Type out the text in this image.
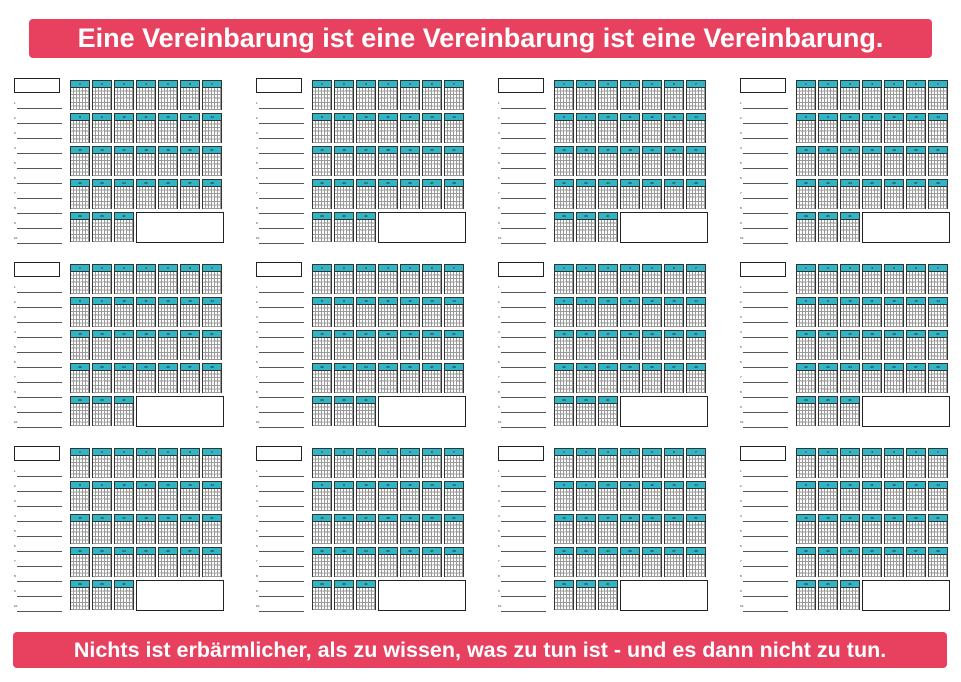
Eine Vereinbarung ist eine Vereinbarung ist eine Vereinbarung.
1
2
3
4
5
6
7
8
9
10
1
1 2 3 4 5 6
4 5 6 7 8 9
7 8 9 1 2 3
2
1 2 3 4 5 6
4 5 6 7 8 9
7 8 9 1 2 3
3
1 2 3 4 5 6
4 5 6 7 8 9
7 8 9 1 2 3
4
1 2 3 4 5 6
4 5 6 7 8 9
7 8 9 1 2 3
5
1 2 3 4 5 6
4 5 6 7 8 9
7 8 9 1 2 3
6
1 2 3 4 5 6
4 5 6 7 8 9
7 8 9 1 2 3
7
1 2 3 4 5 6
4 5 6 7 8 9
7 8 9 1 2 3
8
1 2 3 4 5 6
4 5 6 7 8 9
7 8 9 1 2 3
9
1 2 3 4 5 6
4 5 6 7 8 9
7 8 9 1 2 3
10
1 2 3 4 5 6
4 5 6 7 8 9
7 8 9 1 2 3
11
1 2 3 4 5 6
4 5 6 7 8 9
7 8 9 1 2 3
12
1 2 3 4 5 6
4 5 6 7 8 9
7 8 9 1 2 3
13
1 2 3 4 5 6
4 5 6 7 8 9
7 8 9 1 2 3
14
1 2 3 4 5 6
4 5 6 7 8 9
7 8 9 1 2 3
15
1 2 3 4 5 6
4 5 6 7 8 9
7 8 9 1 2 3
16
1 2 3 4 5 6
4 5 6 7 8 9
7 8 9 1 2 3
17
1 2 3 4 5 6
4 5 6 7 8 9
7 8 9 1 2 3
18
1 2 3 4 5 6
4 5 6 7 8 9
7 8 9 1 2 3
19
1 2 3 4 5 6
4 5 6 7 8 9
7 8 9 1 2 3
20
1 2 3 4 5 6
4 5 6 7 8 9
7 8 9 1 2 3
21
1 2 3 4 5 6
4 5 6 7 8 9
7 8 9 1 2 3
22
1 2 3 4 5 6
4 5 6 7 8 9
7 8 9 1 2 3
23
1 2 3 4 5 6
4 5 6 7 8 9
7 8 9 1 2 3
24
1 2 3 4 5 6
4 5 6 7 8 9
7 8 9 1 2 3
25
1 2 3 4 5 6
4 5 6 7 8 9
7 8 9 1 2 3
26
1 2 3 4 5 6
4 5 6 7 8 9
7 8 9 1 2 3
27
1 2 3 4 5 6
4 5 6 7 8 9
7 8 9 1 2 3
28
1 2 3 4 5 6
4 5 6 7 8 9
7 8 9 1 2 3
29
1 2 3 4 5 6
4 5 6 7 8 9
7 8 9 1 2 3
30
1 2 3 4 5 6
4 5 6 7 8 9
7 8 9 1 2 3
31
1 2 3 4 5 6
4 5 6 7 8 9
7 8 9 1 2 3
1
2
3
4
5
6
7
8
9
10
1
1 2 3 4 5 6
4 5 6 7 8 9
7 8 9 1 2 3
2
1 2 3 4 5 6
4 5 6 7 8 9
7 8 9 1 2 3
3
1 2 3 4 5 6
4 5 6 7 8 9
7 8 9 1 2 3
4
1 2 3 4 5 6
4 5 6 7 8 9
7 8 9 1 2 3
5
1 2 3 4 5 6
4 5 6 7 8 9
7 8 9 1 2 3
6
1 2 3 4 5 6
4 5 6 7 8 9
7 8 9 1 2 3
7
1 2 3 4 5 6
4 5 6 7 8 9
7 8 9 1 2 3
8
1 2 3 4 5 6
4 5 6 7 8 9
7 8 9 1 2 3
9
1 2 3 4 5 6
4 5 6 7 8 9
7 8 9 1 2 3
10
1 2 3 4 5 6
4 5 6 7 8 9
7 8 9 1 2 3
11
1 2 3 4 5 6
4 5 6 7 8 9
7 8 9 1 2 3
12
1 2 3 4 5 6
4 5 6 7 8 9
7 8 9 1 2 3
13
1 2 3 4 5 6
4 5 6 7 8 9
7 8 9 1 2 3
14
1 2 3 4 5 6
4 5 6 7 8 9
7 8 9 1 2 3
15
1 2 3 4 5 6
4 5 6 7 8 9
7 8 9 1 2 3
16
1 2 3 4 5 6
4 5 6 7 8 9
7 8 9 1 2 3
17
1 2 3 4 5 6
4 5 6 7 8 9
7 8 9 1 2 3
18
1 2 3 4 5 6
4 5 6 7 8 9
7 8 9 1 2 3
19
1 2 3 4 5 6
4 5 6 7 8 9
7 8 9 1 2 3
20
1 2 3 4 5 6
4 5 6 7 8 9
7 8 9 1 2 3
21
1 2 3 4 5 6
4 5 6 7 8 9
7 8 9 1 2 3
22
1 2 3 4 5 6
4 5 6 7 8 9
7 8 9 1 2 3
23
1 2 3 4 5 6
4 5 6 7 8 9
7 8 9 1 2 3
24
1 2 3 4 5 6
4 5 6 7 8 9
7 8 9 1 2 3
25
1 2 3 4 5 6
4 5 6 7 8 9
7 8 9 1 2 3
26
1 2 3 4 5 6
4 5 6 7 8 9
7 8 9 1 2 3
27
1 2 3 4 5 6
4 5 6 7 8 9
7 8 9 1 2 3
28
1 2 3 4 5 6
4 5 6 7 8 9
7 8 9 1 2 3
29
1 2 3 4 5 6
4 5 6 7 8 9
7 8 9 1 2 3
30
1 2 3 4 5 6
4 5 6 7 8 9
7 8 9 1 2 3
31
1 2 3 4 5 6
4 5 6 7 8 9
7 8 9 1 2 3
1
2
3
4
5
6
7
8
9
10
1
1 2 3 4 5 6
4 5 6 7 8 9
7 8 9 1 2 3
2
1 2 3 4 5 6
4 5 6 7 8 9
7 8 9 1 2 3
3
1 2 3 4 5 6
4 5 6 7 8 9
7 8 9 1 2 3
4
1 2 3 4 5 6
4 5 6 7 8 9
7 8 9 1 2 3
5
1 2 3 4 5 6
4 5 6 7 8 9
7 8 9 1 2 3
6
1 2 3 4 5 6
4 5 6 7 8 9
7 8 9 1 2 3
7
1 2 3 4 5 6
4 5 6 7 8 9
7 8 9 1 2 3
8
1 2 3 4 5 6
4 5 6 7 8 9
7 8 9 1 2 3
9
1 2 3 4 5 6
4 5 6 7 8 9
7 8 9 1 2 3
10
1 2 3 4 5 6
4 5 6 7 8 9
7 8 9 1 2 3
11
1 2 3 4 5 6
4 5 6 7 8 9
7 8 9 1 2 3
12
1 2 3 4 5 6
4 5 6 7 8 9
7 8 9 1 2 3
13
1 2 3 4 5 6
4 5 6 7 8 9
7 8 9 1 2 3
14
1 2 3 4 5 6
4 5 6 7 8 9
7 8 9 1 2 3
15
1 2 3 4 5 6
4 5 6 7 8 9
7 8 9 1 2 3
16
1 2 3 4 5 6
4 5 6 7 8 9
7 8 9 1 2 3
17
1 2 3 4 5 6
4 5 6 7 8 9
7 8 9 1 2 3
18
1 2 3 4 5 6
4 5 6 7 8 9
7 8 9 1 2 3
19
1 2 3 4 5 6
4 5 6 7 8 9
7 8 9 1 2 3
20
1 2 3 4 5 6
4 5 6 7 8 9
7 8 9 1 2 3
21
1 2 3 4 5 6
4 5 6 7 8 9
7 8 9 1 2 3
22
1 2 3 4 5 6
4 5 6 7 8 9
7 8 9 1 2 3
23
1 2 3 4 5 6
4 5 6 7 8 9
7 8 9 1 2 3
24
1 2 3 4 5 6
4 5 6 7 8 9
7 8 9 1 2 3
25
1 2 3 4 5 6
4 5 6 7 8 9
7 8 9 1 2 3
26
1 2 3 4 5 6
4 5 6 7 8 9
7 8 9 1 2 3
27
1 2 3 4 5 6
4 5 6 7 8 9
7 8 9 1 2 3
28
1 2 3 4 5 6
4 5 6 7 8 9
7 8 9 1 2 3
29
1 2 3 4 5 6
4 5 6 7 8 9
7 8 9 1 2 3
30
1 2 3 4 5 6
4 5 6 7 8 9
7 8 9 1 2 3
31
1 2 3 4 5 6
4 5 6 7 8 9
7 8 9 1 2 3
1
2
3
4
5
6
7
8
9
10
1
1 2 3 4 5 6
4 5 6 7 8 9
7 8 9 1 2 3
2
1 2 3 4 5 6
4 5 6 7 8 9
7 8 9 1 2 3
3
1 2 3 4 5 6
4 5 6 7 8 9
7 8 9 1 2 3
4
1 2 3 4 5 6
4 5 6 7 8 9
7 8 9 1 2 3
5
1 2 3 4 5 6
4 5 6 7 8 9
7 8 9 1 2 3
6
1 2 3 4 5 6
4 5 6 7 8 9
7 8 9 1 2 3
7
1 2 3 4 5 6
4 5 6 7 8 9
7 8 9 1 2 3
8
1 2 3 4 5 6
4 5 6 7 8 9
7 8 9 1 2 3
9
1 2 3 4 5 6
4 5 6 7 8 9
7 8 9 1 2 3
10
1 2 3 4 5 6
4 5 6 7 8 9
7 8 9 1 2 3
11
1 2 3 4 5 6
4 5 6 7 8 9
7 8 9 1 2 3
12
1 2 3 4 5 6
4 5 6 7 8 9
7 8 9 1 2 3
13
1 2 3 4 5 6
4 5 6 7 8 9
7 8 9 1 2 3
14
1 2 3 4 5 6
4 5 6 7 8 9
7 8 9 1 2 3
15
1 2 3 4 5 6
4 5 6 7 8 9
7 8 9 1 2 3
16
1 2 3 4 5 6
4 5 6 7 8 9
7 8 9 1 2 3
17
1 2 3 4 5 6
4 5 6 7 8 9
7 8 9 1 2 3
18
1 2 3 4 5 6
4 5 6 7 8 9
7 8 9 1 2 3
19
1 2 3 4 5 6
4 5 6 7 8 9
7 8 9 1 2 3
20
1 2 3 4 5 6
4 5 6 7 8 9
7 8 9 1 2 3
21
1 2 3 4 5 6
4 5 6 7 8 9
7 8 9 1 2 3
22
1 2 3 4 5 6
4 5 6 7 8 9
7 8 9 1 2 3
23
1 2 3 4 5 6
4 5 6 7 8 9
7 8 9 1 2 3
24
1 2 3 4 5 6
4 5 6 7 8 9
7 8 9 1 2 3
25
1 2 3 4 5 6
4 5 6 7 8 9
7 8 9 1 2 3
26
1 2 3 4 5 6
4 5 6 7 8 9
7 8 9 1 2 3
27
1 2 3 4 5 6
4 5 6 7 8 9
7 8 9 1 2 3
28
1 2 3 4 5 6
4 5 6 7 8 9
7 8 9 1 2 3
29
1 2 3 4 5 6
4 5 6 7 8 9
7 8 9 1 2 3
30
1 2 3 4 5 6
4 5 6 7 8 9
7 8 9 1 2 3
31
1 2 3 4 5 6
4 5 6 7 8 9
7 8 9 1 2 3
1
2
3
4
5
6
7
8
9
10
1
1 2 3 4 5 6
4 5 6 7 8 9
7 8 9 1 2 3
2
1 2 3 4 5 6
4 5 6 7 8 9
7 8 9 1 2 3
3
1 2 3 4 5 6
4 5 6 7 8 9
7 8 9 1 2 3
4
1 2 3 4 5 6
4 5 6 7 8 9
7 8 9 1 2 3
5
1 2 3 4 5 6
4 5 6 7 8 9
7 8 9 1 2 3
6
1 2 3 4 5 6
4 5 6 7 8 9
7 8 9 1 2 3
7
1 2 3 4 5 6
4 5 6 7 8 9
7 8 9 1 2 3
8
1 2 3 4 5 6
4 5 6 7 8 9
7 8 9 1 2 3
9
1 2 3 4 5 6
4 5 6 7 8 9
7 8 9 1 2 3
10
1 2 3 4 5 6
4 5 6 7 8 9
7 8 9 1 2 3
11
1 2 3 4 5 6
4 5 6 7 8 9
7 8 9 1 2 3
12
1 2 3 4 5 6
4 5 6 7 8 9
7 8 9 1 2 3
13
1 2 3 4 5 6
4 5 6 7 8 9
7 8 9 1 2 3
14
1 2 3 4 5 6
4 5 6 7 8 9
7 8 9 1 2 3
15
1 2 3 4 5 6
4 5 6 7 8 9
7 8 9 1 2 3
16
1 2 3 4 5 6
4 5 6 7 8 9
7 8 9 1 2 3
17
1 2 3 4 5 6
4 5 6 7 8 9
7 8 9 1 2 3
18
1 2 3 4 5 6
4 5 6 7 8 9
7 8 9 1 2 3
19
1 2 3 4 5 6
4 5 6 7 8 9
7 8 9 1 2 3
20
1 2 3 4 5 6
4 5 6 7 8 9
7 8 9 1 2 3
21
1 2 3 4 5 6
4 5 6 7 8 9
7 8 9 1 2 3
22
1 2 3 4 5 6
4 5 6 7 8 9
7 8 9 1 2 3
23
1 2 3 4 5 6
4 5 6 7 8 9
7 8 9 1 2 3
24
1 2 3 4 5 6
4 5 6 7 8 9
7 8 9 1 2 3
25
1 2 3 4 5 6
4 5 6 7 8 9
7 8 9 1 2 3
26
1 2 3 4 5 6
4 5 6 7 8 9
7 8 9 1 2 3
27
1 2 3 4 5 6
4 5 6 7 8 9
7 8 9 1 2 3
28
1 2 3 4 5 6
4 5 6 7 8 9
7 8 9 1 2 3
29
1 2 3 4 5 6
4 5 6 7 8 9
7 8 9 1 2 3
30
1 2 3 4 5 6
4 5 6 7 8 9
7 8 9 1 2 3
31
1 2 3 4 5 6
4 5 6 7 8 9
7 8 9 1 2 3
1
2
3
4
5
6
7
8
9
10
1
1 2 3 4 5 6
4 5 6 7 8 9
7 8 9 1 2 3
2
1 2 3 4 5 6
4 5 6 7 8 9
7 8 9 1 2 3
3
1 2 3 4 5 6
4 5 6 7 8 9
7 8 9 1 2 3
4
1 2 3 4 5 6
4 5 6 7 8 9
7 8 9 1 2 3
5
1 2 3 4 5 6
4 5 6 7 8 9
7 8 9 1 2 3
6
1 2 3 4 5 6
4 5 6 7 8 9
7 8 9 1 2 3
7
1 2 3 4 5 6
4 5 6 7 8 9
7 8 9 1 2 3
8
1 2 3 4 5 6
4 5 6 7 8 9
7 8 9 1 2 3
9
1 2 3 4 5 6
4 5 6 7 8 9
7 8 9 1 2 3
10
1 2 3 4 5 6
4 5 6 7 8 9
7 8 9 1 2 3
11
1 2 3 4 5 6
4 5 6 7 8 9
7 8 9 1 2 3
12
1 2 3 4 5 6
4 5 6 7 8 9
7 8 9 1 2 3
13
1 2 3 4 5 6
4 5 6 7 8 9
7 8 9 1 2 3
14
1 2 3 4 5 6
4 5 6 7 8 9
7 8 9 1 2 3
15
1 2 3 4 5 6
4 5 6 7 8 9
7 8 9 1 2 3
16
1 2 3 4 5 6
4 5 6 7 8 9
7 8 9 1 2 3
17
1 2 3 4 5 6
4 5 6 7 8 9
7 8 9 1 2 3
18
1 2 3 4 5 6
4 5 6 7 8 9
7 8 9 1 2 3
19
1 2 3 4 5 6
4 5 6 7 8 9
7 8 9 1 2 3
20
1 2 3 4 5 6
4 5 6 7 8 9
7 8 9 1 2 3
21
1 2 3 4 5 6
4 5 6 7 8 9
7 8 9 1 2 3
22
1 2 3 4 5 6
4 5 6 7 8 9
7 8 9 1 2 3
23
1 2 3 4 5 6
4 5 6 7 8 9
7 8 9 1 2 3
24
1 2 3 4 5 6
4 5 6 7 8 9
7 8 9 1 2 3
25
1 2 3 4 5 6
4 5 6 7 8 9
7 8 9 1 2 3
26
1 2 3 4 5 6
4 5 6 7 8 9
7 8 9 1 2 3
27
1 2 3 4 5 6
4 5 6 7 8 9
7 8 9 1 2 3
28
1 2 3 4 5 6
4 5 6 7 8 9
7 8 9 1 2 3
29
1 2 3 4 5 6
4 5 6 7 8 9
7 8 9 1 2 3
30
1 2 3 4 5 6
4 5 6 7 8 9
7 8 9 1 2 3
31
1 2 3 4 5 6
4 5 6 7 8 9
7 8 9 1 2 3
1
2
3
4
5
6
7
8
9
10
1
1 2 3 4 5 6
4 5 6 7 8 9
7 8 9 1 2 3
2
1 2 3 4 5 6
4 5 6 7 8 9
7 8 9 1 2 3
3
1 2 3 4 5 6
4 5 6 7 8 9
7 8 9 1 2 3
4
1 2 3 4 5 6
4 5 6 7 8 9
7 8 9 1 2 3
5
1 2 3 4 5 6
4 5 6 7 8 9
7 8 9 1 2 3
6
1 2 3 4 5 6
4 5 6 7 8 9
7 8 9 1 2 3
7
1 2 3 4 5 6
4 5 6 7 8 9
7 8 9 1 2 3
8
1 2 3 4 5 6
4 5 6 7 8 9
7 8 9 1 2 3
9
1 2 3 4 5 6
4 5 6 7 8 9
7 8 9 1 2 3
10
1 2 3 4 5 6
4 5 6 7 8 9
7 8 9 1 2 3
11
1 2 3 4 5 6
4 5 6 7 8 9
7 8 9 1 2 3
12
1 2 3 4 5 6
4 5 6 7 8 9
7 8 9 1 2 3
13
1 2 3 4 5 6
4 5 6 7 8 9
7 8 9 1 2 3
14
1 2 3 4 5 6
4 5 6 7 8 9
7 8 9 1 2 3
15
1 2 3 4 5 6
4 5 6 7 8 9
7 8 9 1 2 3
16
1 2 3 4 5 6
4 5 6 7 8 9
7 8 9 1 2 3
17
1 2 3 4 5 6
4 5 6 7 8 9
7 8 9 1 2 3
18
1 2 3 4 5 6
4 5 6 7 8 9
7 8 9 1 2 3
19
1 2 3 4 5 6
4 5 6 7 8 9
7 8 9 1 2 3
20
1 2 3 4 5 6
4 5 6 7 8 9
7 8 9 1 2 3
21
1 2 3 4 5 6
4 5 6 7 8 9
7 8 9 1 2 3
22
1 2 3 4 5 6
4 5 6 7 8 9
7 8 9 1 2 3
23
1 2 3 4 5 6
4 5 6 7 8 9
7 8 9 1 2 3
24
1 2 3 4 5 6
4 5 6 7 8 9
7 8 9 1 2 3
25
1 2 3 4 5 6
4 5 6 7 8 9
7 8 9 1 2 3
26
1 2 3 4 5 6
4 5 6 7 8 9
7 8 9 1 2 3
27
1 2 3 4 5 6
4 5 6 7 8 9
7 8 9 1 2 3
28
1 2 3 4 5 6
4 5 6 7 8 9
7 8 9 1 2 3
29
1 2 3 4 5 6
4 5 6 7 8 9
7 8 9 1 2 3
30
1 2 3 4 5 6
4 5 6 7 8 9
7 8 9 1 2 3
31
1 2 3 4 5 6
4 5 6 7 8 9
7 8 9 1 2 3
1
2
3
4
5
6
7
8
9
10
1
1 2 3 4 5 6
4 5 6 7 8 9
7 8 9 1 2 3
2
1 2 3 4 5 6
4 5 6 7 8 9
7 8 9 1 2 3
3
1 2 3 4 5 6
4 5 6 7 8 9
7 8 9 1 2 3
4
1 2 3 4 5 6
4 5 6 7 8 9
7 8 9 1 2 3
5
1 2 3 4 5 6
4 5 6 7 8 9
7 8 9 1 2 3
6
1 2 3 4 5 6
4 5 6 7 8 9
7 8 9 1 2 3
7
1 2 3 4 5 6
4 5 6 7 8 9
7 8 9 1 2 3
8
1 2 3 4 5 6
4 5 6 7 8 9
7 8 9 1 2 3
9
1 2 3 4 5 6
4 5 6 7 8 9
7 8 9 1 2 3
10
1 2 3 4 5 6
4 5 6 7 8 9
7 8 9 1 2 3
11
1 2 3 4 5 6
4 5 6 7 8 9
7 8 9 1 2 3
12
1 2 3 4 5 6
4 5 6 7 8 9
7 8 9 1 2 3
13
1 2 3 4 5 6
4 5 6 7 8 9
7 8 9 1 2 3
14
1 2 3 4 5 6
4 5 6 7 8 9
7 8 9 1 2 3
15
1 2 3 4 5 6
4 5 6 7 8 9
7 8 9 1 2 3
16
1 2 3 4 5 6
4 5 6 7 8 9
7 8 9 1 2 3
17
1 2 3 4 5 6
4 5 6 7 8 9
7 8 9 1 2 3
18
1 2 3 4 5 6
4 5 6 7 8 9
7 8 9 1 2 3
19
1 2 3 4 5 6
4 5 6 7 8 9
7 8 9 1 2 3
20
1 2 3 4 5 6
4 5 6 7 8 9
7 8 9 1 2 3
21
1 2 3 4 5 6
4 5 6 7 8 9
7 8 9 1 2 3
22
1 2 3 4 5 6
4 5 6 7 8 9
7 8 9 1 2 3
23
1 2 3 4 5 6
4 5 6 7 8 9
7 8 9 1 2 3
24
1 2 3 4 5 6
4 5 6 7 8 9
7 8 9 1 2 3
25
1 2 3 4 5 6
4 5 6 7 8 9
7 8 9 1 2 3
26
1 2 3 4 5 6
4 5 6 7 8 9
7 8 9 1 2 3
27
1 2 3 4 5 6
4 5 6 7 8 9
7 8 9 1 2 3
28
1 2 3 4 5 6
4 5 6 7 8 9
7 8 9 1 2 3
29
1 2 3 4 5 6
4 5 6 7 8 9
7 8 9 1 2 3
30
1 2 3 4 5 6
4 5 6 7 8 9
7 8 9 1 2 3
31
1 2 3 4 5 6
4 5 6 7 8 9
7 8 9 1 2 3
1
2
3
4
5
6
7
8
9
10
1
1 2 3 4 5 6
4 5 6 7 8 9
7 8 9 1 2 3
2
1 2 3 4 5 6
4 5 6 7 8 9
7 8 9 1 2 3
3
1 2 3 4 5 6
4 5 6 7 8 9
7 8 9 1 2 3
4
1 2 3 4 5 6
4 5 6 7 8 9
7 8 9 1 2 3
5
1 2 3 4 5 6
4 5 6 7 8 9
7 8 9 1 2 3
6
1 2 3 4 5 6
4 5 6 7 8 9
7 8 9 1 2 3
7
1 2 3 4 5 6
4 5 6 7 8 9
7 8 9 1 2 3
8
1 2 3 4 5 6
4 5 6 7 8 9
7 8 9 1 2 3
9
1 2 3 4 5 6
4 5 6 7 8 9
7 8 9 1 2 3
10
1 2 3 4 5 6
4 5 6 7 8 9
7 8 9 1 2 3
11
1 2 3 4 5 6
4 5 6 7 8 9
7 8 9 1 2 3
12
1 2 3 4 5 6
4 5 6 7 8 9
7 8 9 1 2 3
13
1 2 3 4 5 6
4 5 6 7 8 9
7 8 9 1 2 3
14
1 2 3 4 5 6
4 5 6 7 8 9
7 8 9 1 2 3
15
1 2 3 4 5 6
4 5 6 7 8 9
7 8 9 1 2 3
16
1 2 3 4 5 6
4 5 6 7 8 9
7 8 9 1 2 3
17
1 2 3 4 5 6
4 5 6 7 8 9
7 8 9 1 2 3
18
1 2 3 4 5 6
4 5 6 7 8 9
7 8 9 1 2 3
19
1 2 3 4 5 6
4 5 6 7 8 9
7 8 9 1 2 3
20
1 2 3 4 5 6
4 5 6 7 8 9
7 8 9 1 2 3
21
1 2 3 4 5 6
4 5 6 7 8 9
7 8 9 1 2 3
22
1 2 3 4 5 6
4 5 6 7 8 9
7 8 9 1 2 3
23
1 2 3 4 5 6
4 5 6 7 8 9
7 8 9 1 2 3
24
1 2 3 4 5 6
4 5 6 7 8 9
7 8 9 1 2 3
25
1 2 3 4 5 6
4 5 6 7 8 9
7 8 9 1 2 3
26
1 2 3 4 5 6
4 5 6 7 8 9
7 8 9 1 2 3
27
1 2 3 4 5 6
4 5 6 7 8 9
7 8 9 1 2 3
28
1 2 3 4 5 6
4 5 6 7 8 9
7 8 9 1 2 3
29
1 2 3 4 5 6
4 5 6 7 8 9
7 8 9 1 2 3
30
1 2 3 4 5 6
4 5 6 7 8 9
7 8 9 1 2 3
31
1 2 3 4 5 6
4 5 6 7 8 9
7 8 9 1 2 3
1
2
3
4
5
6
7
8
9
10
1
1 2 3 4 5 6
4 5 6 7 8 9
7 8 9 1 2 3
2
1 2 3 4 5 6
4 5 6 7 8 9
7 8 9 1 2 3
3
1 2 3 4 5 6
4 5 6 7 8 9
7 8 9 1 2 3
4
1 2 3 4 5 6
4 5 6 7 8 9
7 8 9 1 2 3
5
1 2 3 4 5 6
4 5 6 7 8 9
7 8 9 1 2 3
6
1 2 3 4 5 6
4 5 6 7 8 9
7 8 9 1 2 3
7
1 2 3 4 5 6
4 5 6 7 8 9
7 8 9 1 2 3
8
1 2 3 4 5 6
4 5 6 7 8 9
7 8 9 1 2 3
9
1 2 3 4 5 6
4 5 6 7 8 9
7 8 9 1 2 3
10
1 2 3 4 5 6
4 5 6 7 8 9
7 8 9 1 2 3
11
1 2 3 4 5 6
4 5 6 7 8 9
7 8 9 1 2 3
12
1 2 3 4 5 6
4 5 6 7 8 9
7 8 9 1 2 3
13
1 2 3 4 5 6
4 5 6 7 8 9
7 8 9 1 2 3
14
1 2 3 4 5 6
4 5 6 7 8 9
7 8 9 1 2 3
15
1 2 3 4 5 6
4 5 6 7 8 9
7 8 9 1 2 3
16
1 2 3 4 5 6
4 5 6 7 8 9
7 8 9 1 2 3
17
1 2 3 4 5 6
4 5 6 7 8 9
7 8 9 1 2 3
18
1 2 3 4 5 6
4 5 6 7 8 9
7 8 9 1 2 3
19
1 2 3 4 5 6
4 5 6 7 8 9
7 8 9 1 2 3
20
1 2 3 4 5 6
4 5 6 7 8 9
7 8 9 1 2 3
21
1 2 3 4 5 6
4 5 6 7 8 9
7 8 9 1 2 3
22
1 2 3 4 5 6
4 5 6 7 8 9
7 8 9 1 2 3
23
1 2 3 4 5 6
4 5 6 7 8 9
7 8 9 1 2 3
24
1 2 3 4 5 6
4 5 6 7 8 9
7 8 9 1 2 3
25
1 2 3 4 5 6
4 5 6 7 8 9
7 8 9 1 2 3
26
1 2 3 4 5 6
4 5 6 7 8 9
7 8 9 1 2 3
27
1 2 3 4 5 6
4 5 6 7 8 9
7 8 9 1 2 3
28
1 2 3 4 5 6
4 5 6 7 8 9
7 8 9 1 2 3
29
1 2 3 4 5 6
4 5 6 7 8 9
7 8 9 1 2 3
30
1 2 3 4 5 6
4 5 6 7 8 9
7 8 9 1 2 3
31
1 2 3 4 5 6
4 5 6 7 8 9
7 8 9 1 2 3
1
2
3
4
5
6
7
8
9
10
1
1 2 3 4 5 6
4 5 6 7 8 9
7 8 9 1 2 3
2
1 2 3 4 5 6
4 5 6 7 8 9
7 8 9 1 2 3
3
1 2 3 4 5 6
4 5 6 7 8 9
7 8 9 1 2 3
4
1 2 3 4 5 6
4 5 6 7 8 9
7 8 9 1 2 3
5
1 2 3 4 5 6
4 5 6 7 8 9
7 8 9 1 2 3
6
1 2 3 4 5 6
4 5 6 7 8 9
7 8 9 1 2 3
7
1 2 3 4 5 6
4 5 6 7 8 9
7 8 9 1 2 3
8
1 2 3 4 5 6
4 5 6 7 8 9
7 8 9 1 2 3
9
1 2 3 4 5 6
4 5 6 7 8 9
7 8 9 1 2 3
10
1 2 3 4 5 6
4 5 6 7 8 9
7 8 9 1 2 3
11
1 2 3 4 5 6
4 5 6 7 8 9
7 8 9 1 2 3
12
1 2 3 4 5 6
4 5 6 7 8 9
7 8 9 1 2 3
13
1 2 3 4 5 6
4 5 6 7 8 9
7 8 9 1 2 3
14
1 2 3 4 5 6
4 5 6 7 8 9
7 8 9 1 2 3
15
1 2 3 4 5 6
4 5 6 7 8 9
7 8 9 1 2 3
16
1 2 3 4 5 6
4 5 6 7 8 9
7 8 9 1 2 3
17
1 2 3 4 5 6
4 5 6 7 8 9
7 8 9 1 2 3
18
1 2 3 4 5 6
4 5 6 7 8 9
7 8 9 1 2 3
19
1 2 3 4 5 6
4 5 6 7 8 9
7 8 9 1 2 3
20
1 2 3 4 5 6
4 5 6 7 8 9
7 8 9 1 2 3
21
1 2 3 4 5 6
4 5 6 7 8 9
7 8 9 1 2 3
22
1 2 3 4 5 6
4 5 6 7 8 9
7 8 9 1 2 3
23
1 2 3 4 5 6
4 5 6 7 8 9
7 8 9 1 2 3
24
1 2 3 4 5 6
4 5 6 7 8 9
7 8 9 1 2 3
25
1 2 3 4 5 6
4 5 6 7 8 9
7 8 9 1 2 3
26
1 2 3 4 5 6
4 5 6 7 8 9
7 8 9 1 2 3
27
1 2 3 4 5 6
4 5 6 7 8 9
7 8 9 1 2 3
28
1 2 3 4 5 6
4 5 6 7 8 9
7 8 9 1 2 3
29
1 2 3 4 5 6
4 5 6 7 8 9
7 8 9 1 2 3
30
1 2 3 4 5 6
4 5 6 7 8 9
7 8 9 1 2 3
31
1 2 3 4 5 6
4 5 6 7 8 9
7 8 9 1 2 3
1
2
3
4
5
6
7
8
9
10
1
1 2 3 4 5 6
4 5 6 7 8 9
7 8 9 1 2 3
2
1 2 3 4 5 6
4 5 6 7 8 9
7 8 9 1 2 3
3
1 2 3 4 5 6
4 5 6 7 8 9
7 8 9 1 2 3
4
1 2 3 4 5 6
4 5 6 7 8 9
7 8 9 1 2 3
5
1 2 3 4 5 6
4 5 6 7 8 9
7 8 9 1 2 3
6
1 2 3 4 5 6
4 5 6 7 8 9
7 8 9 1 2 3
7
1 2 3 4 5 6
4 5 6 7 8 9
7 8 9 1 2 3
8
1 2 3 4 5 6
4 5 6 7 8 9
7 8 9 1 2 3
9
1 2 3 4 5 6
4 5 6 7 8 9
7 8 9 1 2 3
10
1 2 3 4 5 6
4 5 6 7 8 9
7 8 9 1 2 3
11
1 2 3 4 5 6
4 5 6 7 8 9
7 8 9 1 2 3
12
1 2 3 4 5 6
4 5 6 7 8 9
7 8 9 1 2 3
13
1 2 3 4 5 6
4 5 6 7 8 9
7 8 9 1 2 3
14
1 2 3 4 5 6
4 5 6 7 8 9
7 8 9 1 2 3
15
1 2 3 4 5 6
4 5 6 7 8 9
7 8 9 1 2 3
16
1 2 3 4 5 6
4 5 6 7 8 9
7 8 9 1 2 3
17
1 2 3 4 5 6
4 5 6 7 8 9
7 8 9 1 2 3
18
1 2 3 4 5 6
4 5 6 7 8 9
7 8 9 1 2 3
19
1 2 3 4 5 6
4 5 6 7 8 9
7 8 9 1 2 3
20
1 2 3 4 5 6
4 5 6 7 8 9
7 8 9 1 2 3
21
1 2 3 4 5 6
4 5 6 7 8 9
7 8 9 1 2 3
22
1 2 3 4 5 6
4 5 6 7 8 9
7 8 9 1 2 3
23
1 2 3 4 5 6
4 5 6 7 8 9
7 8 9 1 2 3
24
1 2 3 4 5 6
4 5 6 7 8 9
7 8 9 1 2 3
25
1 2 3 4 5 6
4 5 6 7 8 9
7 8 9 1 2 3
26
1 2 3 4 5 6
4 5 6 7 8 9
7 8 9 1 2 3
27
1 2 3 4 5 6
4 5 6 7 8 9
7 8 9 1 2 3
28
1 2 3 4 5 6
4 5 6 7 8 9
7 8 9 1 2 3
29
1 2 3 4 5 6
4 5 6 7 8 9
7 8 9 1 2 3
30
1 2 3 4 5 6
4 5 6 7 8 9
7 8 9 1 2 3
31
1 2 3 4 5 6
4 5 6 7 8 9
7 8 9 1 2 3
Nichts ist erbärmlicher, als zu wissen, was zu tun ist - und es dann nicht zu tun.
